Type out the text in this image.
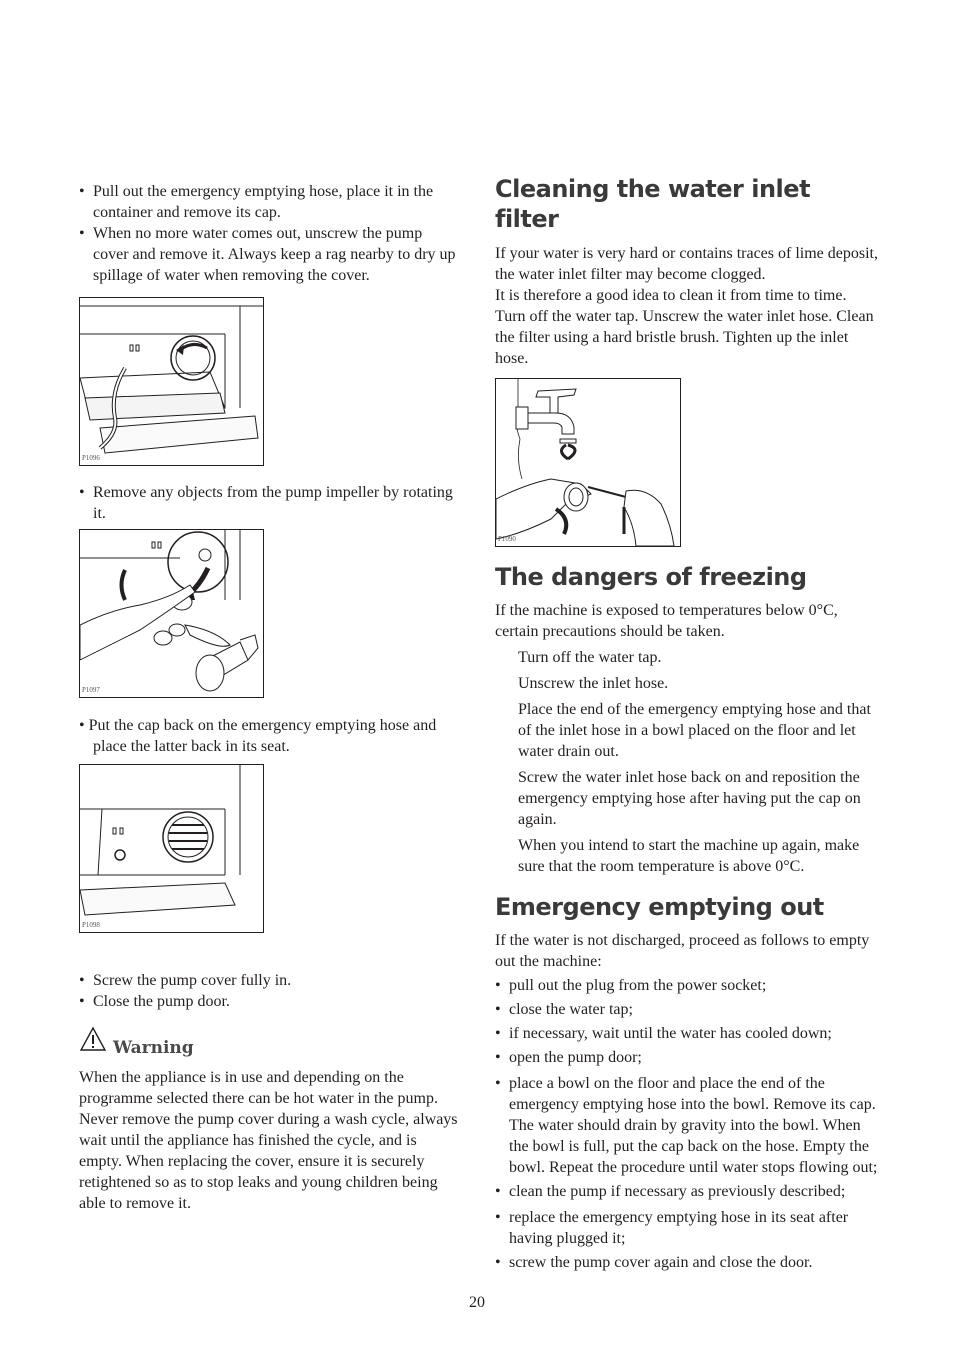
• Pull out the emergency emptying hose, place it in the container and remove its cap.
• When no more water comes out, unscrew the pump cover and remove it. Always keep a rag nearby to dry up spillage of water when removing the cover.
P1096
• Remove any objects from the pump impeller by rotating it.
P1097

• Put the cap back on the emergency emptying hose and place the latter back in its seat.

P1098
• Screw the pump cover fully in.
• Close the pump door.
Warning

When the appliance is in use and depending on the programme selected there can be hot water in the pump. Never remove the pump cover during a wash cycle, always wait until the appliance has finished the cycle, and is empty. When replacing the cover, ensure it is securely retightened so as to stop leaks and young children being able to remove it.

Cleaning the water inlet filter

If your water is very hard or contains traces of lime deposit, the water inlet filter may become clogged.

It is therefore a good idea to clean it from time to time. Turn off the water tap. Unscrew the water inlet hose. Clean the filter using a hard bristle brush. Tighten up the inlet hose.

P1090
The dangers of freezing

If the machine is exposed to temperatures below 0°C, certain precautions should be taken.

Turn off the water tap.

Unscrew the inlet hose.

Place the end of the emergency emptying hose and that of the inlet hose in a bowl placed on the floor and let water drain out.

Screw the water inlet hose back on and reposition the emergency emptying hose after having put the cap on again.

When you intend to start the machine up again, make sure that the room temperature is above 0°C.

Emergency emptying out

If the water is not discharged, proceed as follows to empty out the machine:

• pull out the plug from the power socket;
• close the water tap;
• if necessary, wait until the water has cooled down;
• open the pump door;
• place a bowl on the floor and place the end of the emergency emptying hose into the bowl. Remove its cap. The water should drain by gravity into the bowl. When the bowl is full, put the cap back on the hose. Empty the bowl. Repeat the procedure until water stops flowing out;
• clean the pump if necessary as previously described;
• replace the emergency emptying hose in its seat after having plugged it;
• screw the pump cover again and close the door.
20
